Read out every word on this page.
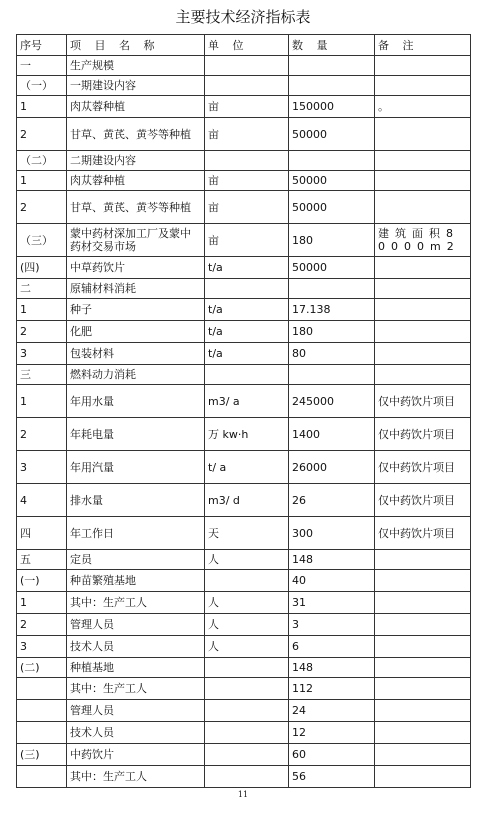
主要技术经济指标表
序号	项 目 名 称	单 位	数 量	备 注
一	生产规模			
（一）	一期建设内容			
1	肉苁蓉种植	亩	150000	。
2	甘草、黄芪、黄芩等种植	亩	50000	
（二）	二期建设内容			
1	肉苁蓉种植	亩	50000	
2	甘草、黄芪、黄芩等种植	亩	50000	
（三）	蒙中药材深加工厂及蒙中药材交易市场	亩	180	建筑面积80000m2
(四)	中草药饮片	t/a	50000	
二	原辅材料消耗			
1	种子	t/a	17.138	
2	化肥	t/a	180	
3	包装材料	t/a	80	
三	燃料动力消耗			
1	年用水量	m3/ a	245000	仅中药饮片项目
2	年耗电量	万 kw·h	1400	仅中药饮片项目
3	年用汽量	t/ a	26000	仅中药饮片项目
4	排水量	m3/ d	26	仅中药饮片项目
四	年工作日	天	300	仅中药饮片项目
五	定员	人	148	
(一)	种苗繁殖基地		40	
1	其中：生产工人	人	31	
2	管理人员	人	3	
3	技术人员	人	6	
(二)	种植基地		148	
	其中：生产工人		112	
	管理人员		24	
	技术人员		12	
(三)	中药饮片		60	
	其中：生产工人		56	
11
